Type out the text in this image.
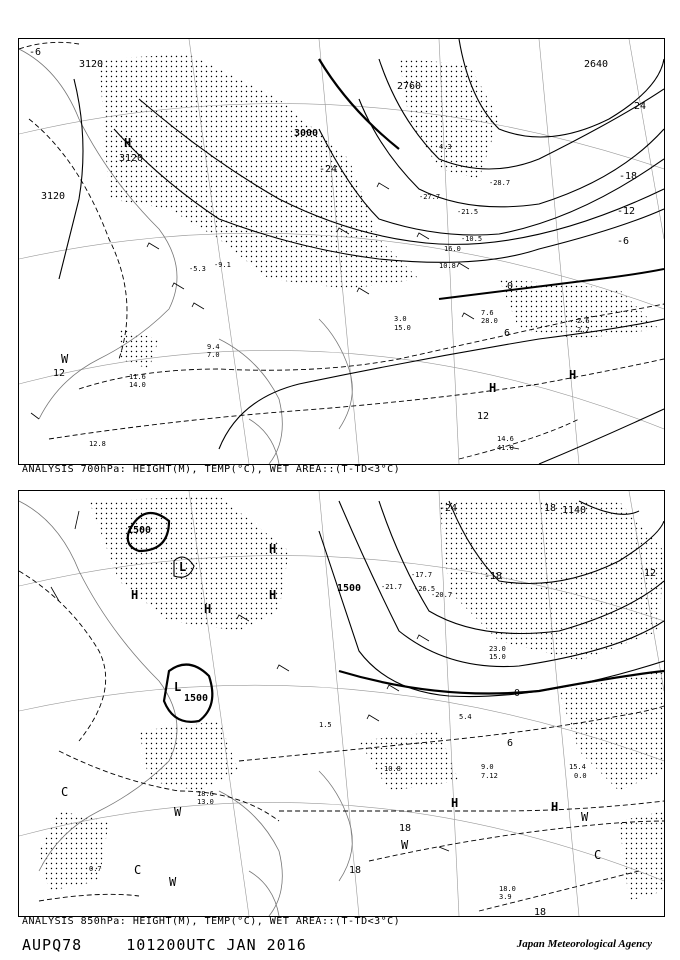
3120
3120
3120
3000
2760
2640
-6
-24
-18
-12
-6
0
6
12
12
24
H
H
H
W
-9.1
-10.5
-21.5
-28.7
-27.7
4.3
16.0
10.8
7.6
28.0
3.0
15.0
2.6
2.7
14.6
41.0
11.6
14.0
12.8
-5.3
9.4
7.0
ANALYSIS 700hPa: HEIGHT(M), TEMP(°C), WET AREA::(T-TD<3°C)
1500
1500
1500
1140
-24
-18	12
18
0
6
18
18
18
L
L
H
H
H
H
H	H
W
W
C
C
C
W
W
-17.7
-21.7 -26.5
-20.7
23.0
15.0
5.4
1.5
9.0
7.12
15.4
0.0
10.8
18.0
3.9
18.6
13.0
0.7
ANALYSIS 850hPa: HEIGHT(M), TEMP(°C), WET AREA::(T-TD<3°C)
AUPQ78	101200UTC JAN 2016	Japan Meteorological Agency
